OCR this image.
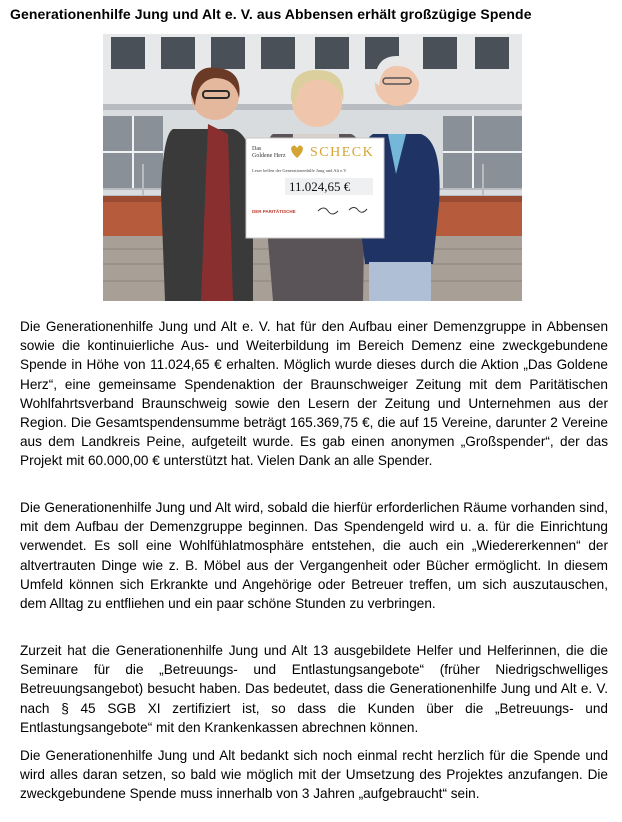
Generationenhilfe Jung und Alt e. V. aus Abbensen erhält großzügige Spende
Das
Goldene Herz SCHECK
Leser helfen der Generationenhilfe Jung und Alt e.V.
11.024,65 €
DER PARITÄTISCHE

Die Generationenhilfe Jung und Alt e. V. hat für den Aufbau einer Demenzgruppe in Abbensen sowie die kontinuierliche Aus- und Weiterbildung im Bereich Demenz eine zweckgebundene Spende in Höhe von 11.024,65 € erhalten. Möglich wurde dieses durch die Aktion „Das Goldene Herz“, eine gemeinsame Spendenaktion der Braunschweiger Zeitung mit dem Paritätischen Wohlfahrtsverband Braunschweig sowie den Lesern der Zeitung und Unternehmen aus der Region. Die Gesamtspendensumme beträgt 165.369,75 €, die auf 15 Vereine, darunter 2 Vereine aus dem Landkreis Peine, aufgeteilt wurde. Es gab einen anonymen „Großspender“, der das Projekt mit 60.000,00 € unterstützt hat. Vielen Dank an alle Spender.

Die Generationenhilfe Jung und Alt wird, sobald die hierfür erforderlichen Räume vorhanden sind, mit dem Aufbau der Demenzgruppe beginnen. Das Spendengeld wird u. a. für die Einrichtung verwendet. Es soll eine Wohlfühlatmosphäre entstehen, die auch ein „Wiedererkennen“ der altvertrauten Dinge wie z. B. Möbel aus der Vergangenheit oder Bücher ermöglicht. In diesem Umfeld können sich Erkrankte und Angehörige oder Betreuer treffen, um sich auszutauschen, dem Alltag zu entfliehen und ein paar schöne Stunden zu verbringen.

Zurzeit hat die Generationenhilfe Jung und Alt 13 ausgebildete Helfer und Helferinnen, die die Seminare für die „Betreuungs- und Entlastungsangebote“ (früher Niedrigschwelliges Betreuungsangebot) besucht haben. Das bedeutet, dass die Generationenhilfe Jung und Alt e. V. nach § 45 SGB XI zertifiziert ist, so dass die Kunden über die „Betreuungs- und Entlastungsangebote“ mit den Krankenkassen abrechnen können.

Die Generationenhilfe Jung und Alt bedankt sich noch einmal recht herzlich für die Spende und wird alles daran setzen, so bald wie möglich mit der Umsetzung des Projektes anzufangen. Die zweckgebundene Spende muss innerhalb von 3 Jahren „aufgebraucht“ sein.
